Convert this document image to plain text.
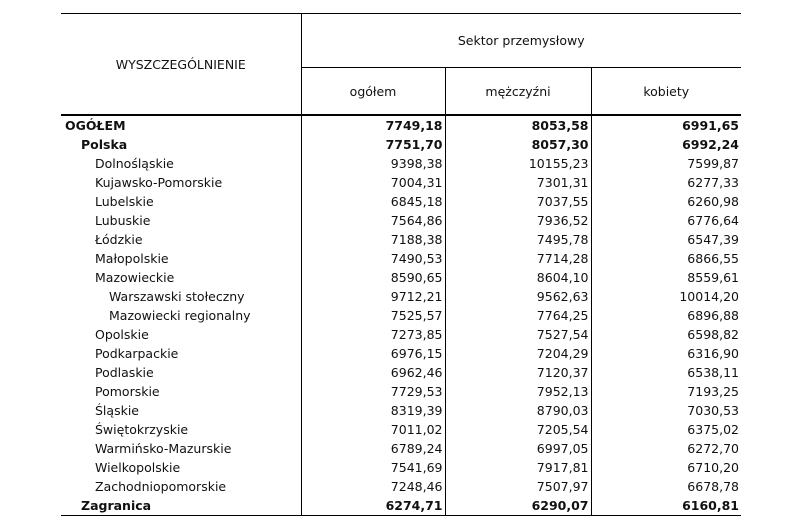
WYSZCZEGÓLNIENIE	Sektor przemysłowy		
	ogółem	mężczyźni	kobiety
OGÓŁEM	7749,18	8053,58	6991,65
Polska	7751,70	8057,30	6992,24
Dolnośląskie	9398,38	10155,23	7599,87
Kujawsko-Pomorskie	7004,31	7301,31	6277,33
Lubelskie	6845,18	7037,55	6260,98
Lubuskie	7564,86	7936,52	6776,64
Łódzkie	7188,38	7495,78	6547,39
Małopolskie	7490,53	7714,28	6866,55
Mazowieckie	8590,65	8604,10	8559,61
Warszawski stołeczny	9712,21	9562,63	10014,20
Mazowiecki regionalny	7525,57	7764,25	6896,88
Opolskie	7273,85	7527,54	6598,82
Podkarpackie	6976,15	7204,29	6316,90
Podlaskie	6962,46	7120,37	6538,11
Pomorskie	7729,53	7952,13	7193,25
Śląskie	8319,39	8790,03	7030,53
Świętokrzyskie	7011,02	7205,54	6375,02
Warmińsko-Mazurskie	6789,24	6997,05	6272,70
Wielkopolskie	7541,69	7917,81	6710,20
Zachodniopomorskie	7248,46	7507,97	6678,78
Zagranica	6274,71	6290,07	6160,81
